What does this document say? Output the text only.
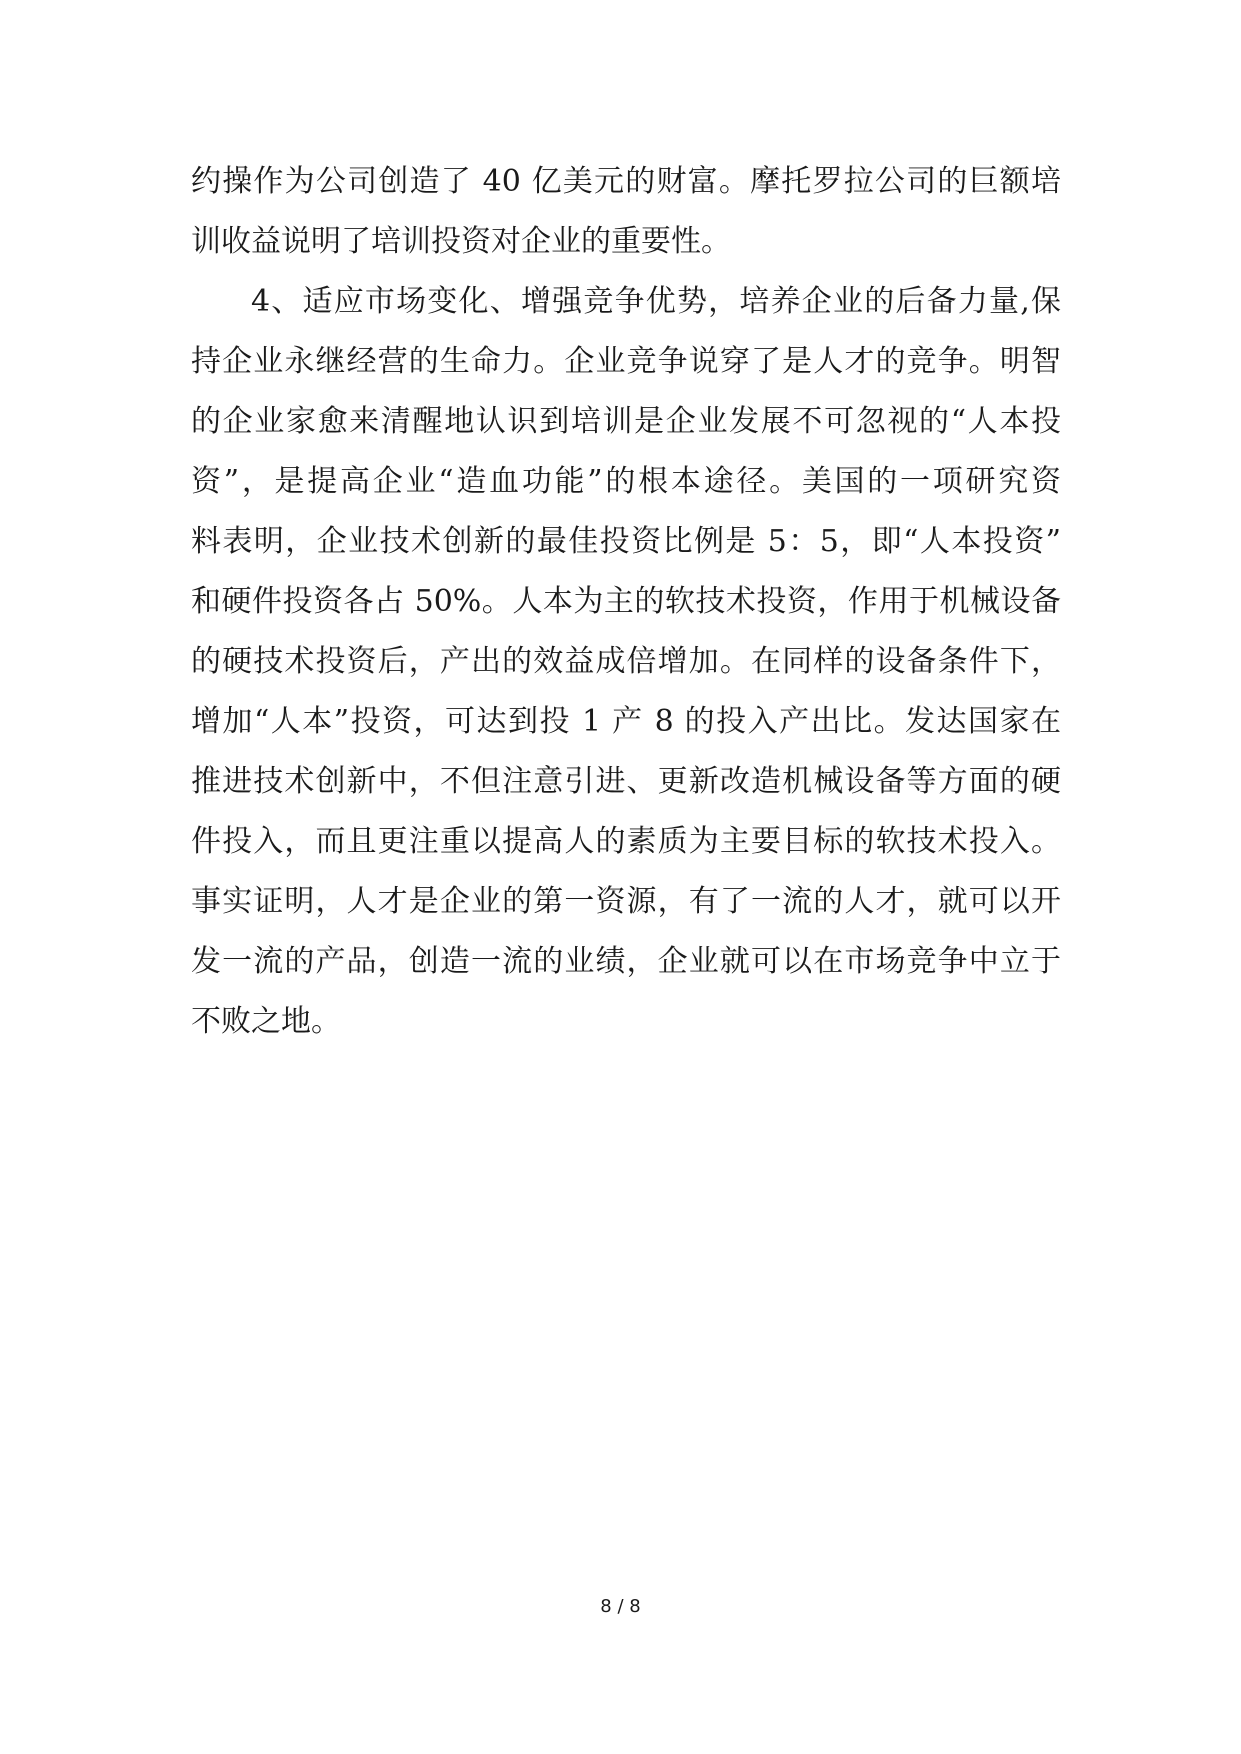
约操作为公司创造了 40 亿美元的财富。摩托罗拉公司的巨额培
训收益说明了培训投资对企业的重要性。
4、适应市场变化、增强竞争优势，培养企业的后备力量,保
持企业永继经营的生命力。企业竞争说穿了是人才的竞争。明智
的企业家愈来清醒地认识到培训是企业发展不可忽视的“人本投
资”，是提高企业“造血功能”的根本途径。美国的一项研究资
料表明，企业技术创新的最佳投资比例是 5：5，即“人本投资”
和硬件投资各占 50%。人本为主的软技术投资，作用于机械设备
的硬技术投资后，产出的效益成倍增加。在同样的设备条件下，
增加“人本”投资，可达到投 1 产 8 的投入产出比。发达国家在
推进技术创新中，不但注意引进、更新改造机械设备等方面的硬
件投入，而且更注重以提高人的素质为主要目标的软技术投入。
事实证明，人才是企业的第一资源，有了一流的人才，就可以开
发一流的产品，创造一流的业绩，企业就可以在市场竞争中立于
不败之地。
8 / 8
